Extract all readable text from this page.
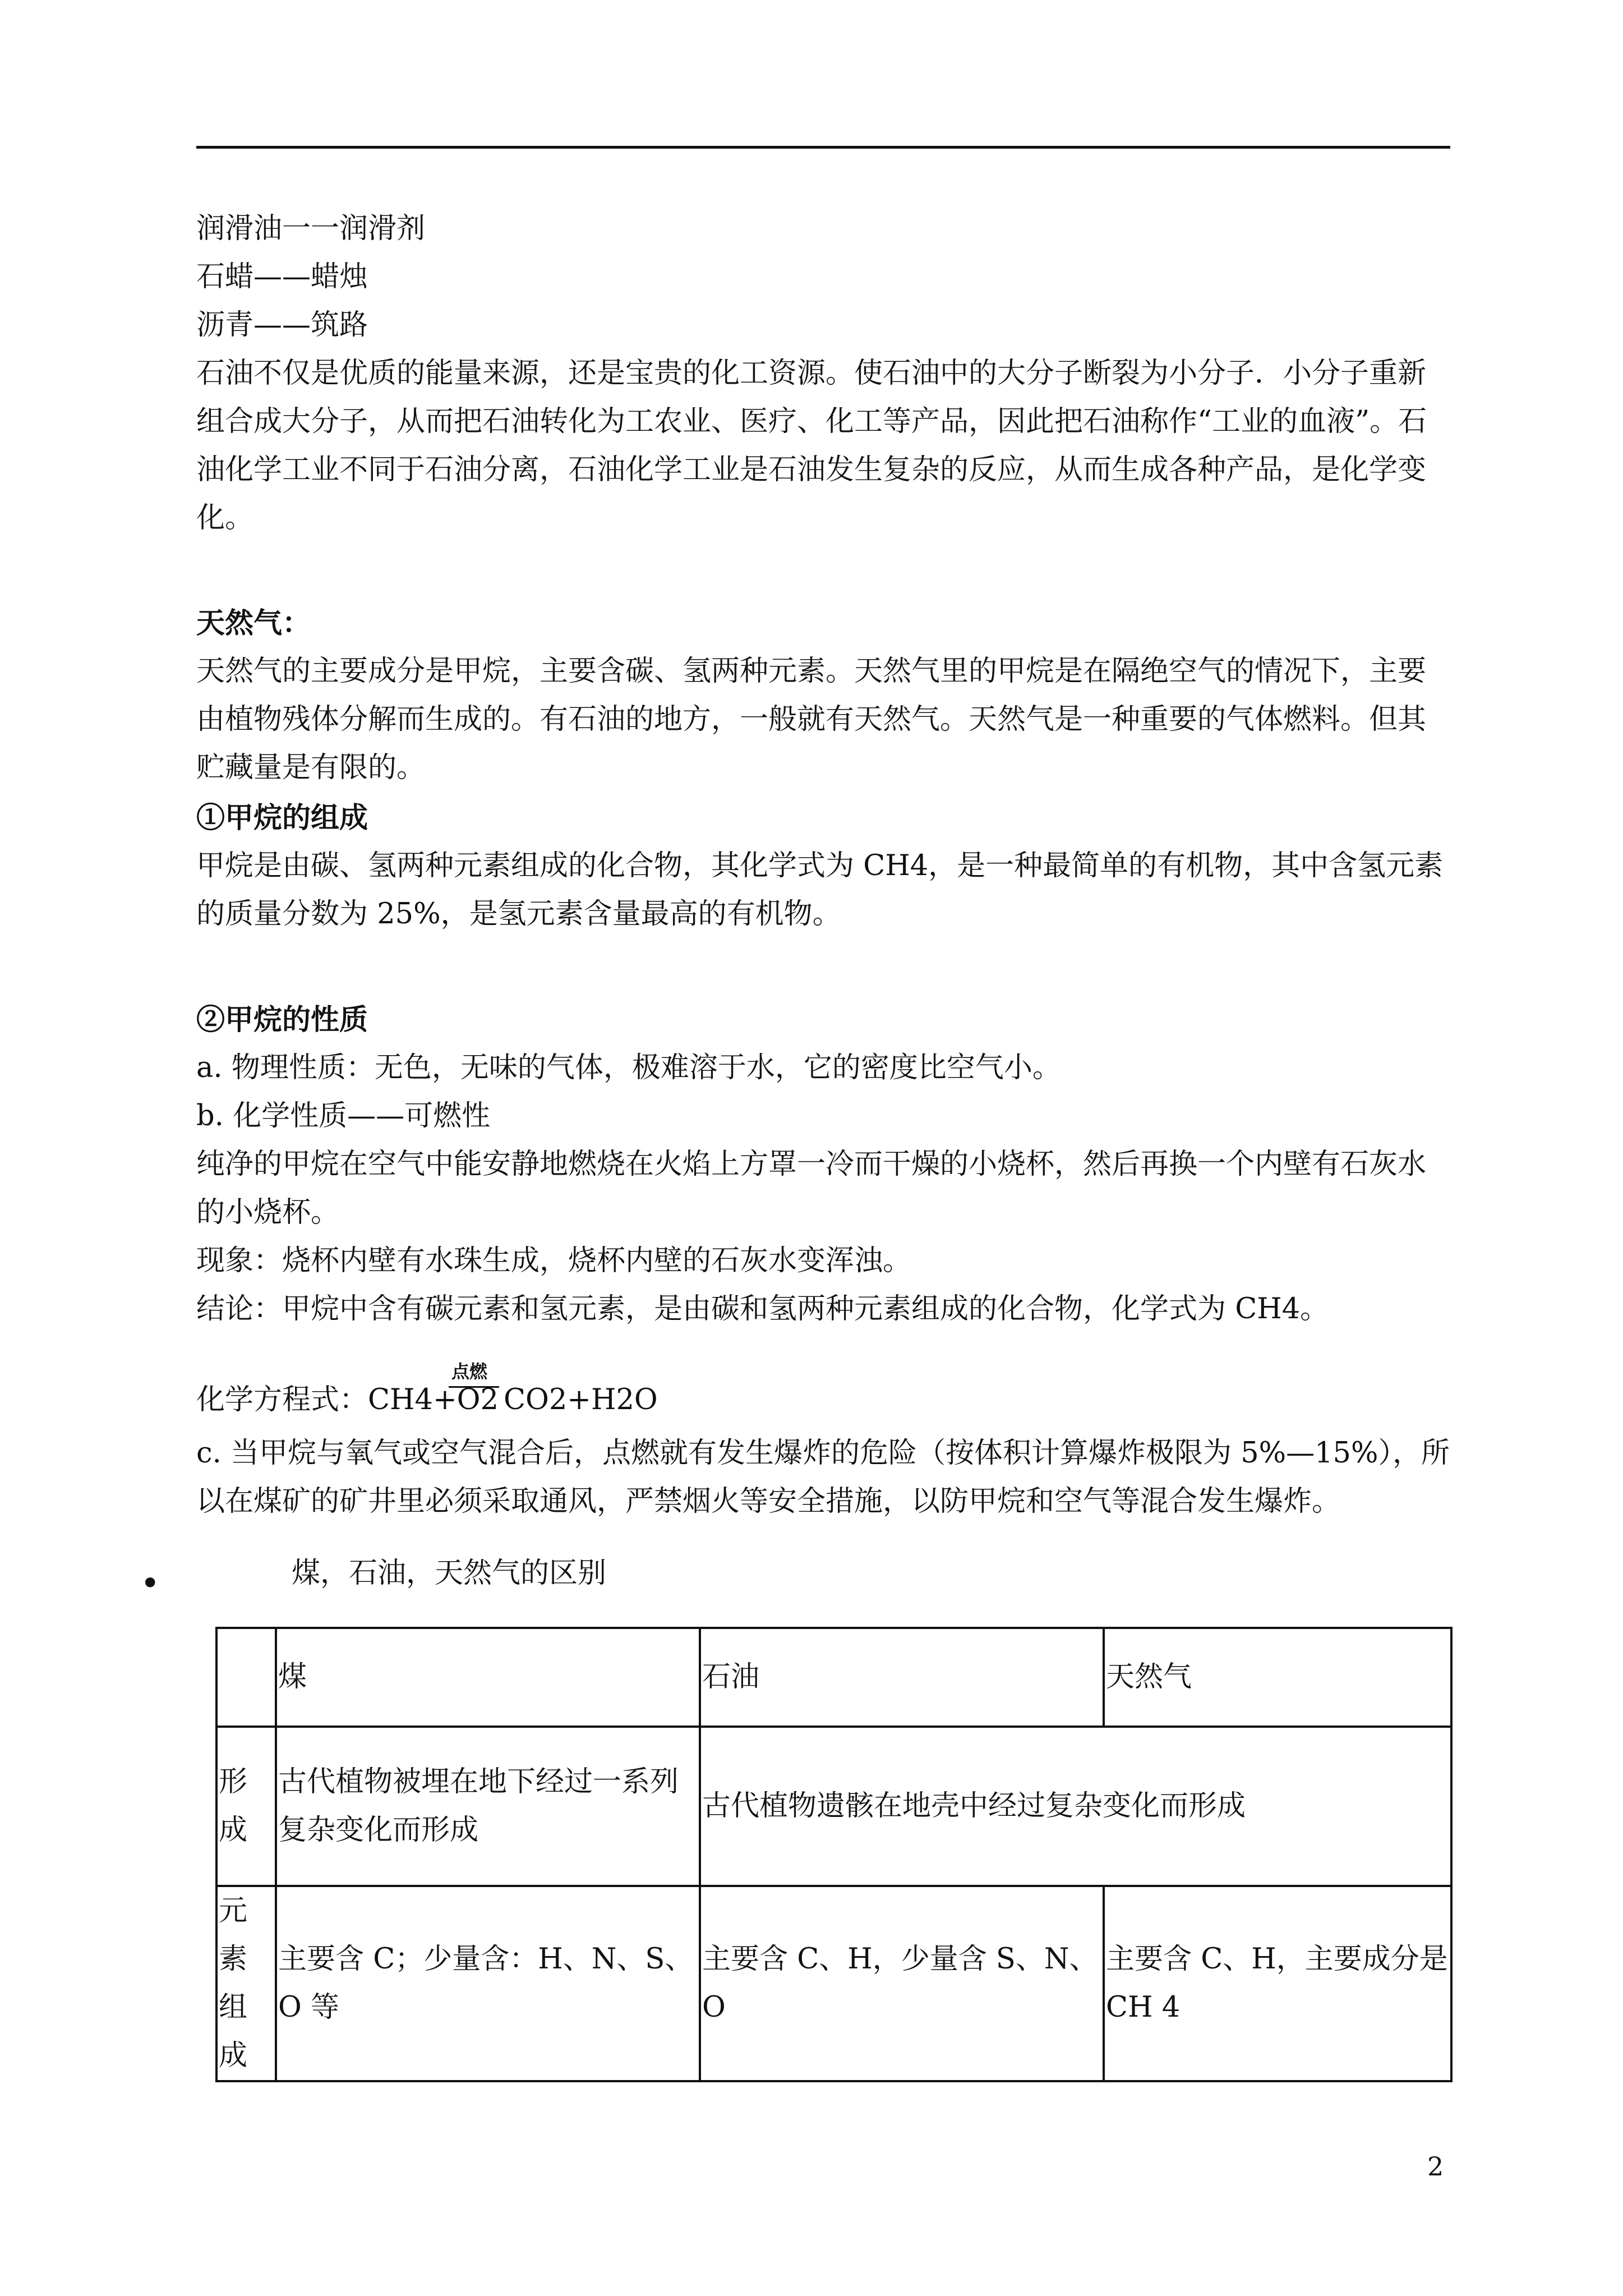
润滑油一一润滑剂
石蜡——蜡烛
沥青——筑路
石油不仅是优质的能量来源，还是宝贵的化工资源。使石油中的大分子断裂为小分子．小分子重新组合成大分子，从而把石油转化为工农业、医疗、化工等产品，因此把石油称作“工业的血液”。石油化学工业不同于石油分离，石油化学工业是石油发生复杂的反应，从而生成各种产品，是化学变化。
天然气：
天然气的主要成分是甲烷，主要含碳、氢两种元素。天然气里的甲烷是在隔绝空气的情况下，主要由植物残体分解而生成的。有石油的地方，一般就有天然气。天然气是一种重要的气体燃料。但其贮藏量是有限的。
①甲烷的组成
甲烷是由碳、氢两种元素组成的化合物，其化学式为 CH4，是一种最简单的有机物，其中含氢元素的质量分数为 25%，是氢元素含量最高的有机物。
②甲烷的性质
a. 物理性质：无色，无味的气体，极难溶于水，它的密度比空气小。
b. 化学性质——可燃性
纯净的甲烷在空气中能安静地燃烧在火焰上方罩一冷而干燥的小烧杯，然后再换一个内壁有石灰水的小烧杯。
现象：烧杯内壁有水珠生成，烧杯内壁的石灰水变浑浊。
结论：甲烷中含有碳元素和氢元素，是由碳和氢两种元素组成的化合物，化学式为 CH4。
化学方程式：CH4+O2
点燃
CO2+H2O
c. 当甲烷与氧气或空气混合后，点燃就有发生爆炸的危险（按体积计算爆炸极限为 5%—15%），所以在煤矿的矿井里必须采取通风，严禁烟火等安全措施，以防甲烷和空气等混合发生爆炸。
•	煤，石油，天然气的区别
	煤	石油	天然气
形成	古代植物被埋在地下经过一系列复杂变化而形成	古代植物遗骸在地壳中经过复杂变化而形成	
元素组成	主要含 C；少量含：H、N、S、O 等	主要含 C、H，少量含 S、N、O	主要含 C、H，主要成分是 CH 4
2
